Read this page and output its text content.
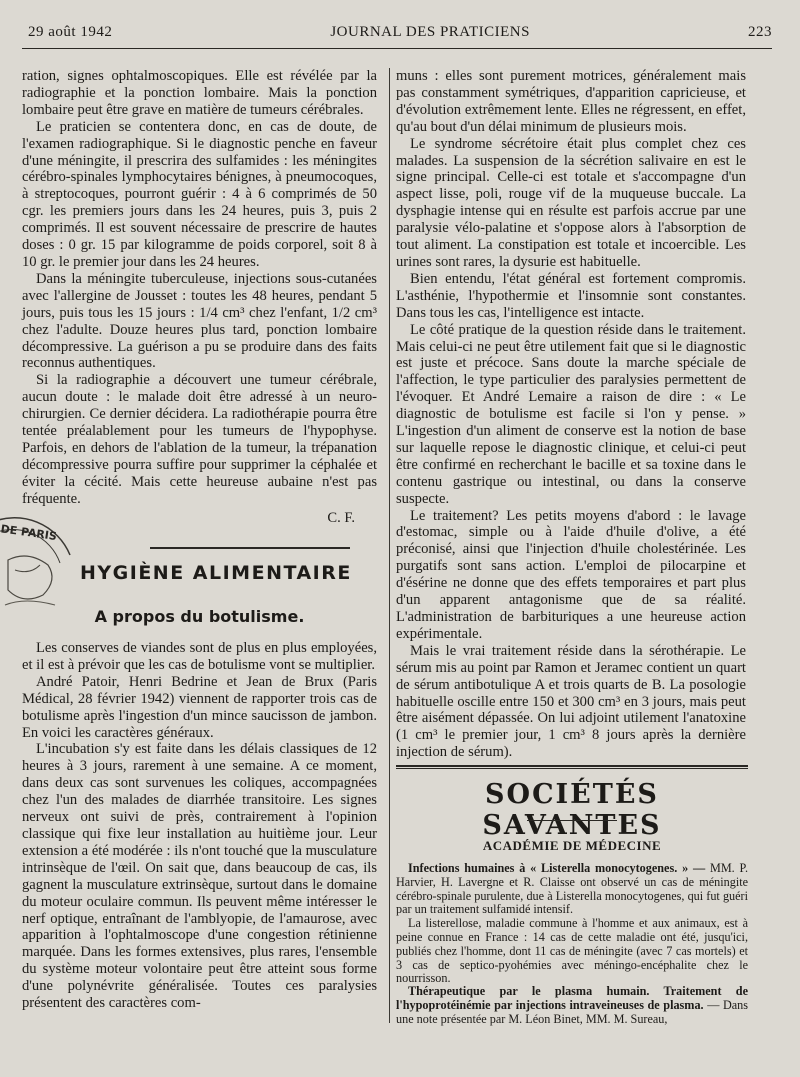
29 août 1942	JOURNAL DES PRATICIENS	223

ration, signes ophtalmoscopiques. Elle est révélée par la radiographie et la ponction lombaire. Mais la ponction lombaire peut être grave en matière de tumeurs cérébrales.

Le praticien se contentera donc, en cas de doute, de l'examen radiographique. Si le diagnostic penche en faveur d'une méningite, il prescrira des sulfamides : les méningites cérébro-spinales lymphocytaires bénignes, à pneumocoques, à streptocoques, pourront guérir : 4 à 6 comprimés de 50 cgr. les premiers jours dans les 24 heures, puis 3, puis 2 comprimés. Il est souvent nécessaire de prescrire de hautes doses : 0 gr. 15 par kilogramme de poids corporel, soit 8 à 10 gr. le premier jour dans les 24 heures.

Dans la méningite tuberculeuse, injections sous-cutanées avec l'allergine de Jousset : toutes les 48 heures, pendant 5 jours, puis tous les 15 jours : 1/4 cm³ chez l'enfant, 1/2 cm³ chez l'adulte. Douze heures plus tard, ponction lombaire décompressive. La guérison a pu se produire dans des faits reconnus authentiques.

Si la radiographie a découvert une tumeur cérébrale, aucun doute : le malade doit être adressé à un neuro-chirurgien. Ce dernier décidera. La radiothérapie pourra être tentée préalablement pour les tumeurs de l'hypophyse. Parfois, en dehors de l'ablation de la tumeur, la trépanation décompressive pourra suffire pour supprimer la céphalée et éviter la cécité. Mais cette heureuse aubaine n'est pas fréquente.

C. F.

DE PARIS
HYGIÈNE ALIMENTAIRE
A propos du botulisme.

Les conserves de viandes sont de plus en plus employées, et il est à prévoir que les cas de botulisme vont se multiplier.

André Patoir, Henri Bedrine et Jean de Brux (Paris Médical, 28 février 1942) viennent de rapporter trois cas de botulisme après l'ingestion d'un mince saucisson de jambon. En voici les caractères généraux.

L'incubation s'y est faite dans les délais classiques de 12 heures à 3 jours, rarement à une semaine. A ce moment, dans deux cas sont survenues les coliques, accompagnées chez l'un des malades de diarrhée transitoire. Les signes nerveux ont suivi de près, contrairement à l'opinion classique qui fixe leur installation au huitième jour. Leur extension a été modérée : ils n'ont touché que la musculature intrinsèque de l'œil. On sait que, dans beaucoup de cas, ils gagnent la musculature extrinsèque, surtout dans le domaine du moteur oculaire commun. Ils peuvent même intéresser le nerf optique, entraînant de l'amblyopie, de l'amaurose, avec apparition à l'ophtalmoscope d'une congestion rétinienne marquée. Dans les formes extensives, plus rares, l'ensemble du système moteur volontaire peut être atteint sous forme d'une polynévrite généralisée. Toutes ces paralysies présentent des caractères com-

muns : elles sont purement motrices, généralement mais pas constamment symétriques, d'apparition capricieuse, et d'évolution extrêmement lente. Elles ne régressent, en effet, qu'au bout d'un délai minimum de plusieurs mois.

Le syndrome sécrétoire était plus complet chez ces malades. La suspension de la sécrétion salivaire en est le signe principal. Celle-ci est totale et s'accompagne d'un aspect lisse, poli, rouge vif de la muqueuse buccale. La dysphagie intense qui en résulte est parfois accrue par une paralysie vélo-palatine et s'oppose alors à l'absorption de tout aliment. La constipation est totale et incoercible. Les urines sont rares, la dysurie est habituelle.

Bien entendu, l'état général est fortement compromis. L'asthénie, l'hypothermie et l'insomnie sont constantes. Dans tous les cas, l'intelligence est intacte.

Le côté pratique de la question réside dans le traitement. Mais celui-ci ne peut être utilement fait que si le diagnostic est juste et précoce. Sans doute la marche spéciale de l'affection, le type particulier des paralysies permettent de l'évoquer. Et André Lemaire a raison de dire : « Le diagnostic de botulisme est facile si l'on y pense. » L'ingestion d'un aliment de conserve est la notion de base sur laquelle repose le diagnostic clinique, et celui-ci peut être confirmé en recherchant le bacille et sa toxine dans le contenu gastrique ou intestinal, ou dans la conserve suspecte.

Le traitement? Les petits moyens d'abord : le lavage d'estomac, simple ou à l'aide d'huile d'olive, a été préconisé, ainsi que l'injection d'huile cholestérinée. Les purgatifs sont sans action. L'emploi de pilocarpine et d'ésérine ne donne que des effets temporaires et part plus d'un apparent antagonisme que de sa réalité. L'administration de barbituriques a une heureuse action expérimentale.

Mais le vrai traitement réside dans la sérothérapie. Le sérum mis au point par Ramon et Jeramec contient un quart de sérum antibotulique A et trois quarts de B. La posologie habituelle oscille entre 150 et 300 cm³ en 3 jours, mais peut être aisément dépassée. On lui adjoint utilement l'anatoxine (1 cm³ le premier jour, 1 cm³ 8 jours après la dernière injection de sérum).

SOCIÉTÉS SAVANTES
ACADÉMIE DE MÉDECINE

Infections humaines à « Listerella monocytogenes. » — MM. P. Harvier, H. Lavergne et R. Claisse ont observé un cas de méningite cérébro-spinale purulente, due à Listerella monocytogenes, qui fut guéri par un traitement sulfamidé intensif.

La listerellose, maladie commune à l'homme et aux animaux, est à peine connue en France : 14 cas de cette maladie ont été, jusqu'ici, publiés chez l'homme, dont 11 cas de méningite (avec 7 cas mortels) et 3 cas de septico-pyohémies avec méningo-encéphalite chez le nourrisson.

Thérapeutique par le plasma humain. Traitement de l'hypoprotéinémie par injections intraveineuses de plasma. — Dans une note présentée par M. Léon Binet, MM. M. Sureau,
